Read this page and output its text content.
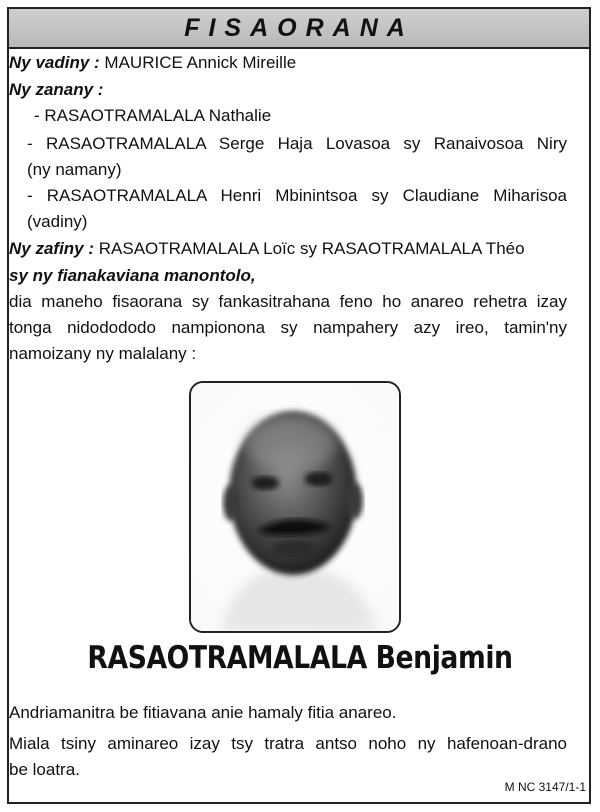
FISAORANA
Ny vadiny : MAURICE Annick Mireille
Ny zanany :
- RASAOTRAMALALA Nathalie
- RASAOTRAMALALA Serge Haja Lovasoa sy Ranaivosoa Niry
(ny namany)
- RASAOTRAMALALA Henri Mbinintsoa sy Claudiane Miharisoa
(vadiny)
Ny zafiny : RASAOTRAMALALA Loïc sy RASAOTRAMALALA Théo
sy ny fianakaviana manontolo,
dia maneho fisaorana sy fankasitrahana feno ho anareo rehetra izay
tonga nidodododo nampionona sy nampahery azy ireo, tamin'ny
namoizany ny malalany :
RASAOTRAMALALA Benjamin
Andriamanitra be fitiavana anie hamaly fitia anareo.
Miala tsiny aminareo izay tsy tratra antso noho ny hafenoan-drano
be loatra.
M NC 3147/1-1
